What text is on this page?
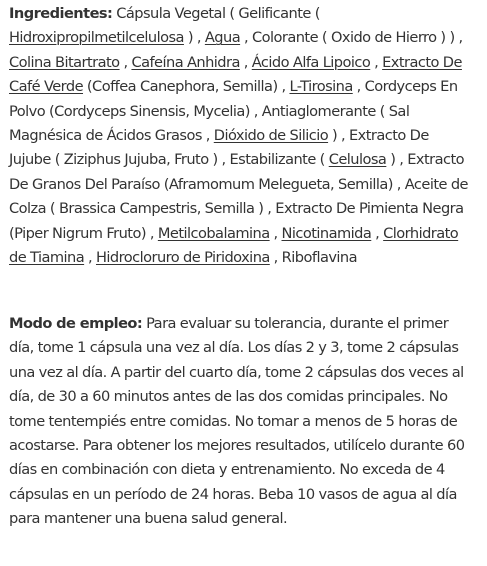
Ingredientes: Cápsula Vegetal ( Gelificante ( Hidroxipropilmetilcelulosa ) , Agua , Colorante ( Oxido de Hierro ) ) , Colina Bitartrato , Cafeína Anhidra , Ácido Alfa Lipoico , Extracto De Café Verde (Coffea Canephora, Semilla) , L-Tirosina , Cordyceps En Polvo (Cordyceps Sinensis, Mycelia) , Antiaglomerante ( Sal Magnésica de Ácidos Grasos , Dióxido de Silicio ) , Extracto De Jujube ( Ziziphus Jujuba, Fruto ) , Estabilizante ( Celulosa ) , Extracto De Granos Del Paraíso (Aframomum Melegueta, Semilla) , Aceite de Colza ( Brassica Campestris, Semilla ) , Extracto De Pimienta Negra (Piper Nigrum Fruto) , Metilcobalamina , Nicotinamida , Clorhidrato de Tiamina , Hidrocloruro de Piridoxina , Riboflavina

Modo de empleo: Para evaluar su tolerancia, durante el primer día, tome 1 cápsula una vez al día. Los días 2 y 3, tome 2 cápsulas una vez al día. A partir del cuarto día, tome 2 cápsulas dos veces al día, de 30 a 60 minutos antes de las dos comidas principales. No tome tentempiés entre comidas. No tomar a menos de 5 horas de acostarse. Para obtener los mejores resultados, utilícelo durante 60 días en combinación con dieta y entrenamiento. No exceda de 4 cápsulas en un período de 24 horas. Beba 10 vasos de agua al día para mantener una buena salud general.
